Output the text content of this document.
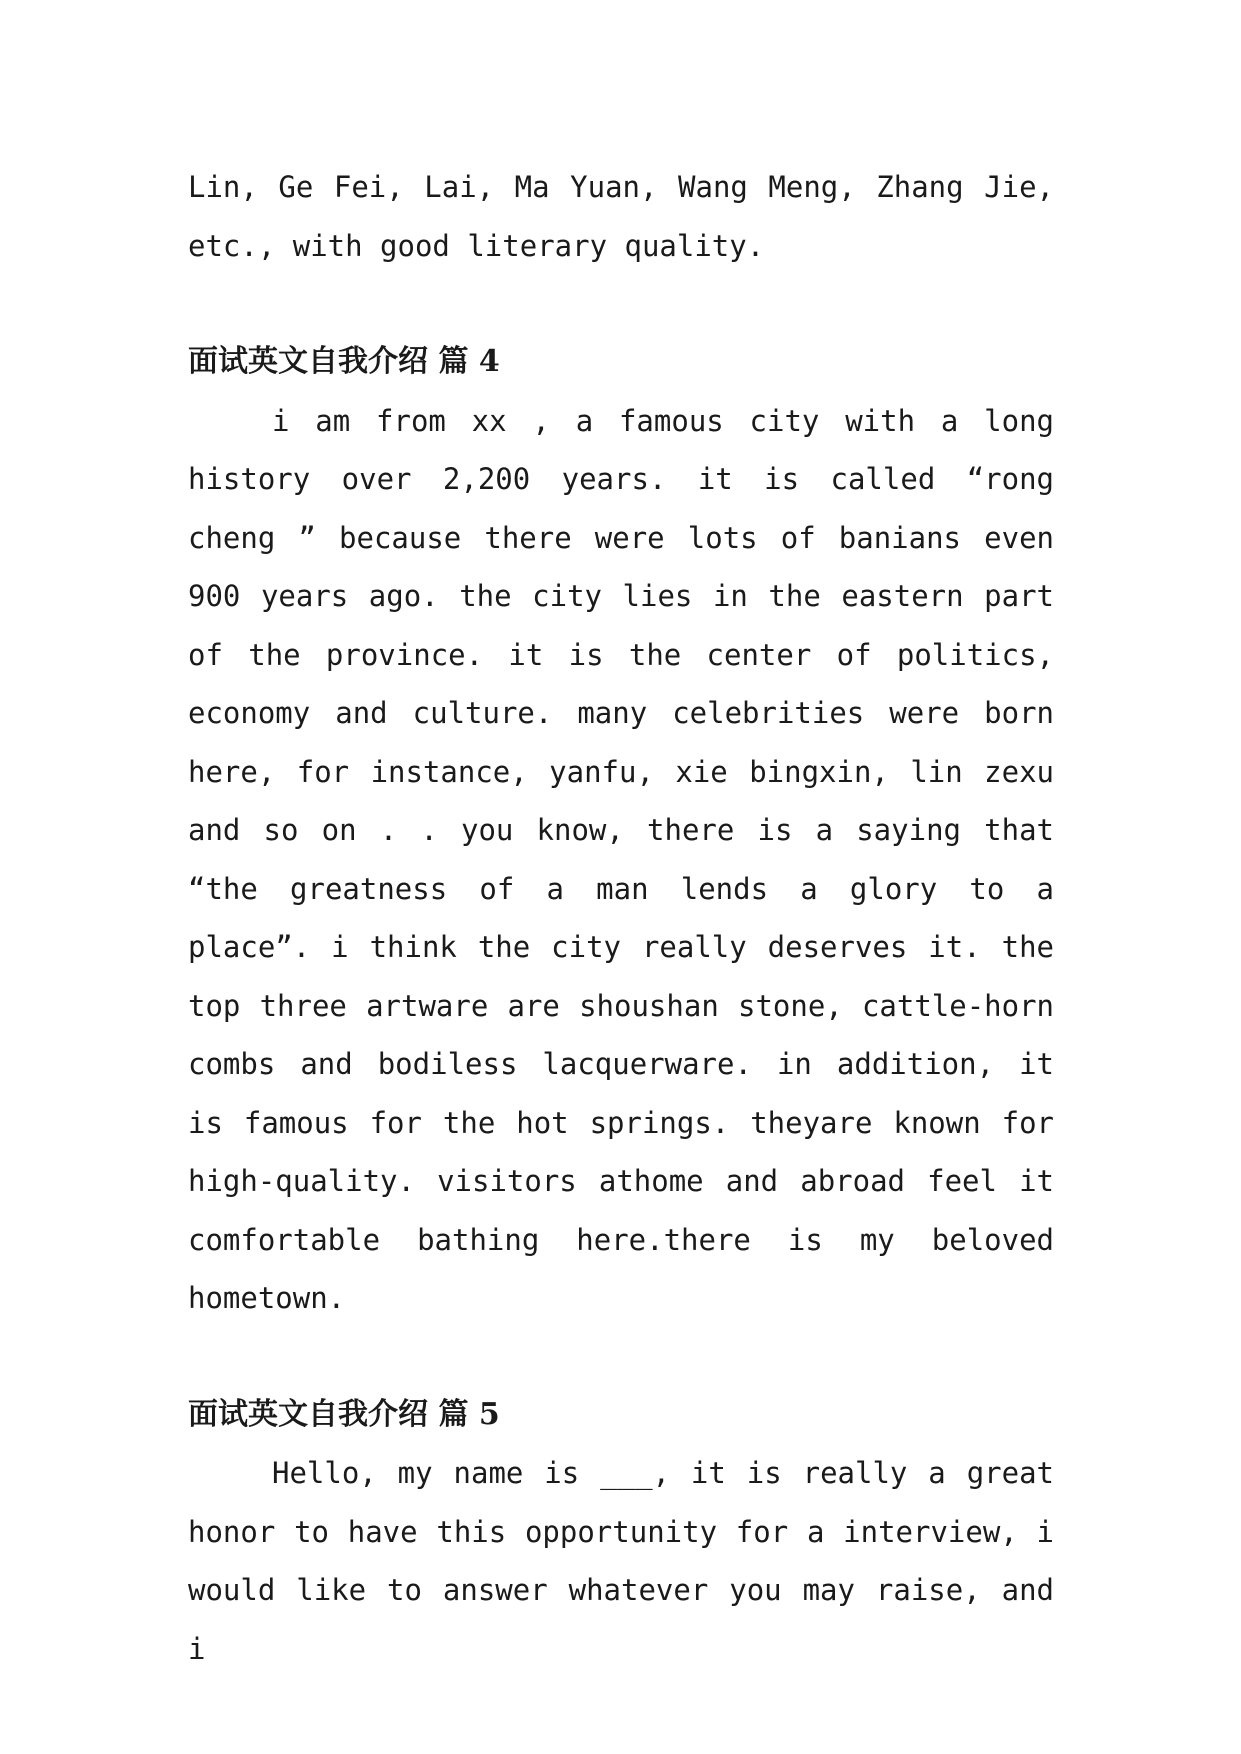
Lin, Ge Fei, Lai, Ma Yuan, Wang Meng, Zhang Jie, etc., with good literary quality.

面试英文自我介绍 篇 4

i am from xx , a famous city with a long history over 2,200 years. it is called “rong cheng ” because there were lots of banians even 900 years ago. the city lies in the eastern part of the province. it is the center of politics, economy and culture. many celebrities were born here, for instance, yanfu, xie bingxin, lin zexu and so on . . you know, there is a saying that “the greatness of a man lends a glory to a place”. i think the city really deserves it. the top three artware are shoushan stone, cattle-horn combs and bodiless lacquerware. in addition, it is famous for the hot springs. theyare known for high-quality. visitors athome and abroad feel it comfortable bathing here.there is my beloved hometown.

面试英文自我介绍 篇 5

Hello, my name is ___, it is really a great honor to have this opportunity for a interview, i would like to answer whatever you may raise, and i
